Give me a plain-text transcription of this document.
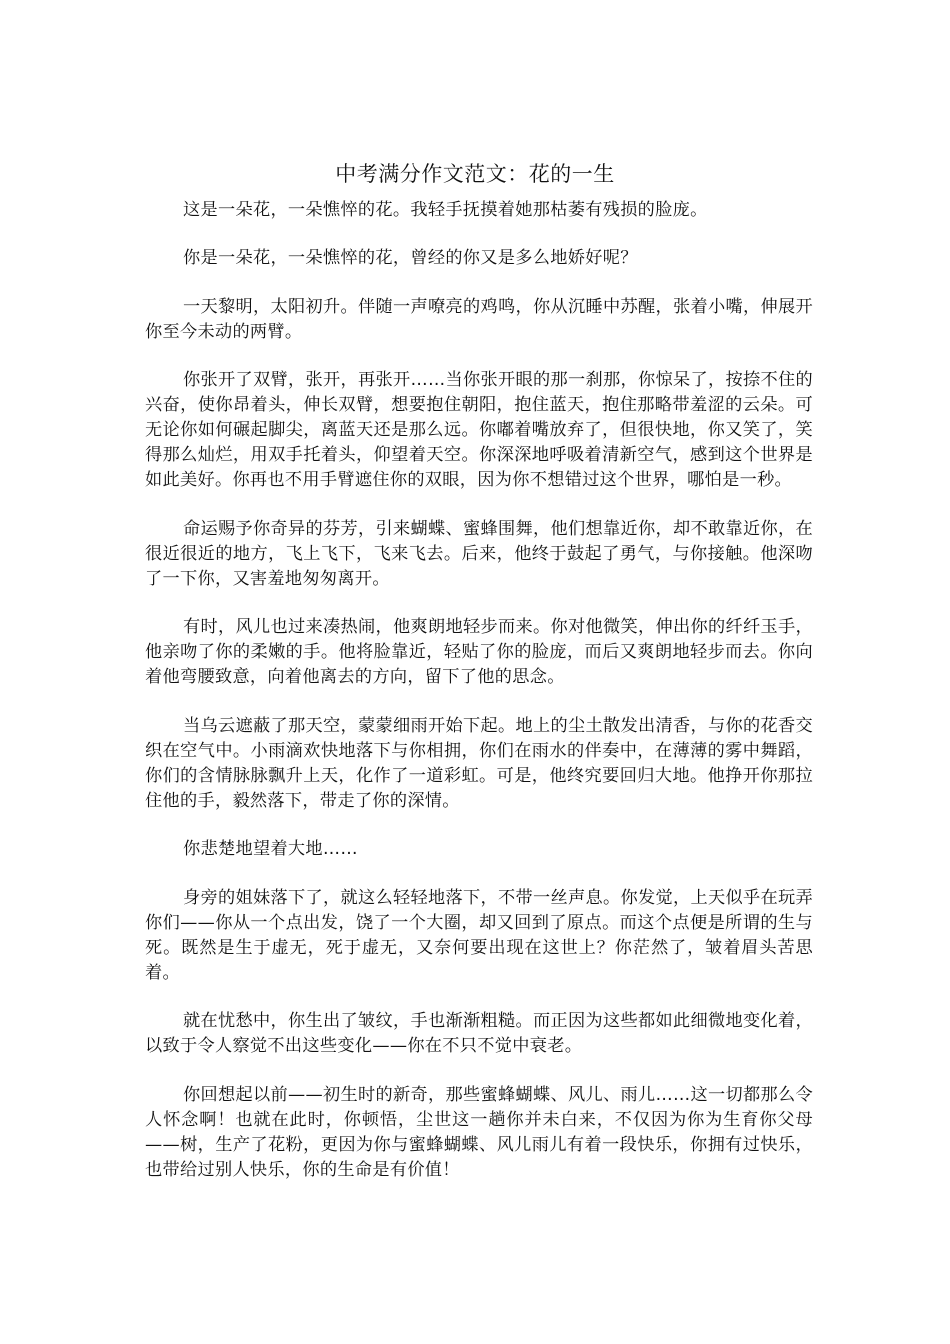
中考满分作文范文：花的一生

这是一朵花，一朵憔悴的花。我轻手抚摸着她那枯萎有残损的脸庞。

你是一朵花，一朵憔悴的花，曾经的你又是多么地娇好呢？

一天黎明，太阳初升。伴随一声嘹亮的鸡鸣，你从沉睡中苏醒，张着小嘴，伸展开你至今未动的两臂。

你张开了双臂，张开，再张开……当你张开眼的那一刹那，你惊呆了，按捺不住的兴奋，使你昂着头，伸长双臂，想要抱住朝阳，抱住蓝天，抱住那略带羞涩的云朵。可无论你如何碾起脚尖，离蓝天还是那么远。你嘟着嘴放弃了，但很快地，你又笑了，笑得那么灿烂，用双手托着头，仰望着天空。你深深地呼吸着清新空气，感到这个世界是如此美好。你再也不用手臂遮住你的双眼，因为你不想错过这个世界，哪怕是一秒。

命运赐予你奇异的芬芳，引来蝴蝶、蜜蜂围舞，他们想靠近你，却不敢靠近你，在很近很近的地方，飞上飞下，飞来飞去。后来，他终于鼓起了勇气，与你接触。他深吻了一下你，又害羞地匆匆离开。

有时，风儿也过来凑热闹，他爽朗地轻步而来。你对他微笑，伸出你的纤纤玉手，他亲吻了你的柔嫩的手。他将脸靠近，轻贴了你的脸庞，而后又爽朗地轻步而去。你向着他弯腰致意，向着他离去的方向，留下了他的思念。

当乌云遮蔽了那天空，蒙蒙细雨开始下起。地上的尘土散发出清香，与你的花香交织在空气中。小雨滴欢快地落下与你相拥，你们在雨水的伴奏中，在薄薄的雾中舞蹈，你们的含情脉脉飘升上天，化作了一道彩虹。可是，他终究要回归大地。他挣开你那拉住他的手，毅然落下，带走了你的深情。

你悲楚地望着大地……

身旁的姐妹落下了，就这么轻轻地落下，不带一丝声息。你发觉，上天似乎在玩弄你们——你从一个点出发，饶了一个大圈，却又回到了原点。而这个点便是所谓的生与死。既然是生于虚无，死于虚无，又奈何要出现在这世上？你茫然了，皱着眉头苦思着。

就在忧愁中，你生出了皱纹，手也渐渐粗糙。而正因为这些都如此细微地变化着，以致于令人察觉不出这些变化——你在不只不觉中衰老。

你回想起以前——初生时的新奇，那些蜜蜂蝴蝶、风儿、雨儿……这一切都那么令人怀念啊！也就在此时，你顿悟，尘世这一趟你并未白来，不仅因为你为生育你父母——树，生产了花粉，更因为你与蜜蜂蝴蝶、风儿雨儿有着一段快乐，你拥有过快乐，也带给过别人快乐，你的生命是有价值！
